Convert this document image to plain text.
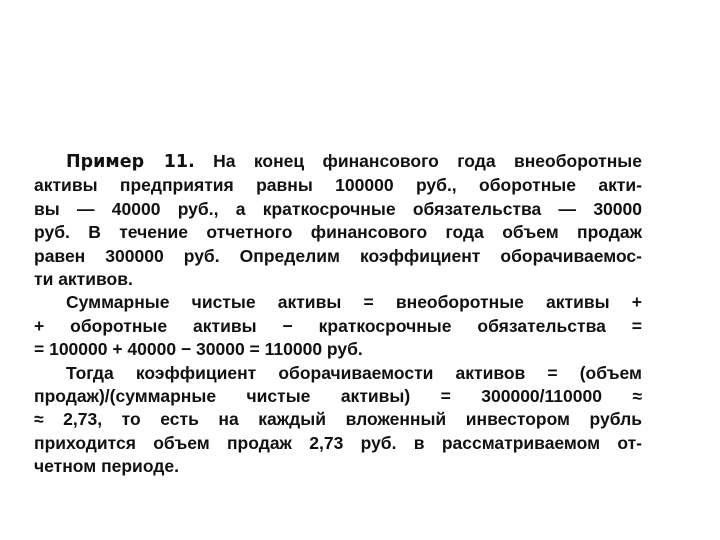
Пример 11. На конец финансового года внеоборотные
активы предприятия равны 100000 руб., оборотные акти-
вы — 40000 руб., а краткосрочные обязательства — 30000
руб. В течение отчетного финансового года объем продаж
равен 300000 руб. Определим коэффициент оборачиваемос-
ти активов.
Суммарные чистые активы = внеоборотные активы +
+ оборотные активы − краткосрочные обязательства =
= 100000 + 40000 − 30000 = 110000 руб.
Тогда коэффициент оборачиваемости активов = (объем
продаж)/(суммарные чистые активы) = 300000/110000 ≈
≈ 2,73, то есть на каждый вложенный инвестором рубль
приходится объем продаж 2,73 руб. в рассматриваемом от-
четном периоде.
